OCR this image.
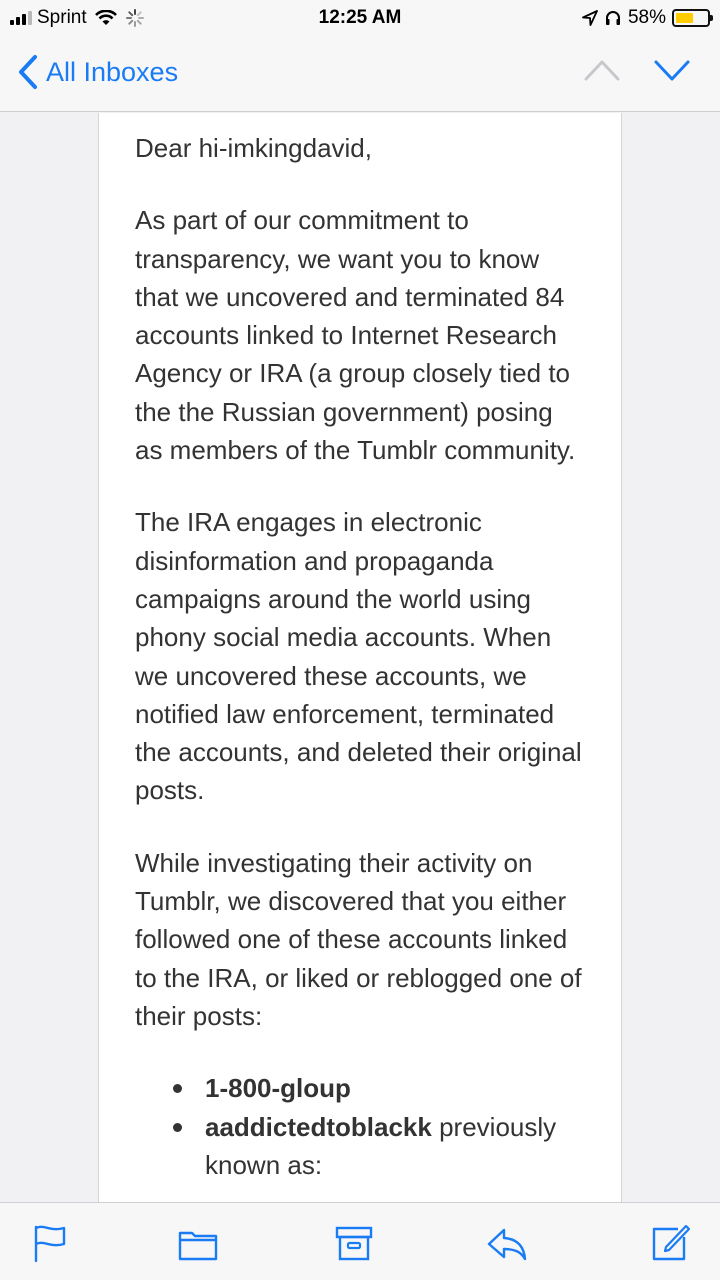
Sprint	12:25 AM	58%
All Inboxes

Dear hi-imkingdavid,

As part of our commitment to transparency, we want you to know that we uncovered and terminated 84 accounts linked to Internet Research Agency or IRA (a group closely tied to the the Russian government) posing as members of the Tumblr community.

The IRA engages in electronic disinformation and propaganda campaigns around the world using phony social media accounts. When we uncovered these accounts, we notified law enforcement, terminated the accounts, and deleted their original posts.

While investigating their activity on Tumblr, we discovered that you either followed one of these accounts linked to the IRA, or liked or reblogged one of their posts:

1-800-gloup
aaddictedtoblackk previously known as:
